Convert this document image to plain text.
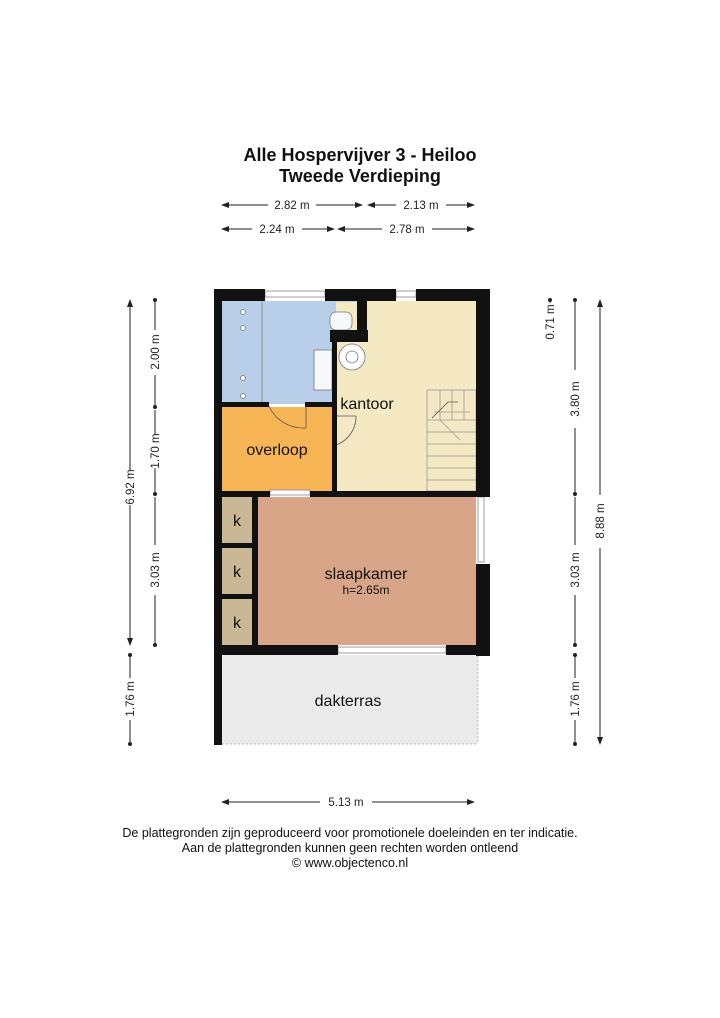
Alle Hospervijver 3 - Heiloo
Tweede Verdieping
2.82 m	2.13 m
2.24 m	2.78 m
5.13 m
6.92 m
2.00 m
1.70 m
3.03 m
1.76 m
0.71 m
3.80 m
3.03 m
1.76 m
8.88 m
kantoor
overloop
slaapkamer
h=2.65m
k
k
k
dakterras
De plattegronden zijn geproduceerd voor promotionele doeleinden en ter indicatie.
Aan de plattegronden kunnen geen rechten worden ontleend
© www.objectenco.nl
